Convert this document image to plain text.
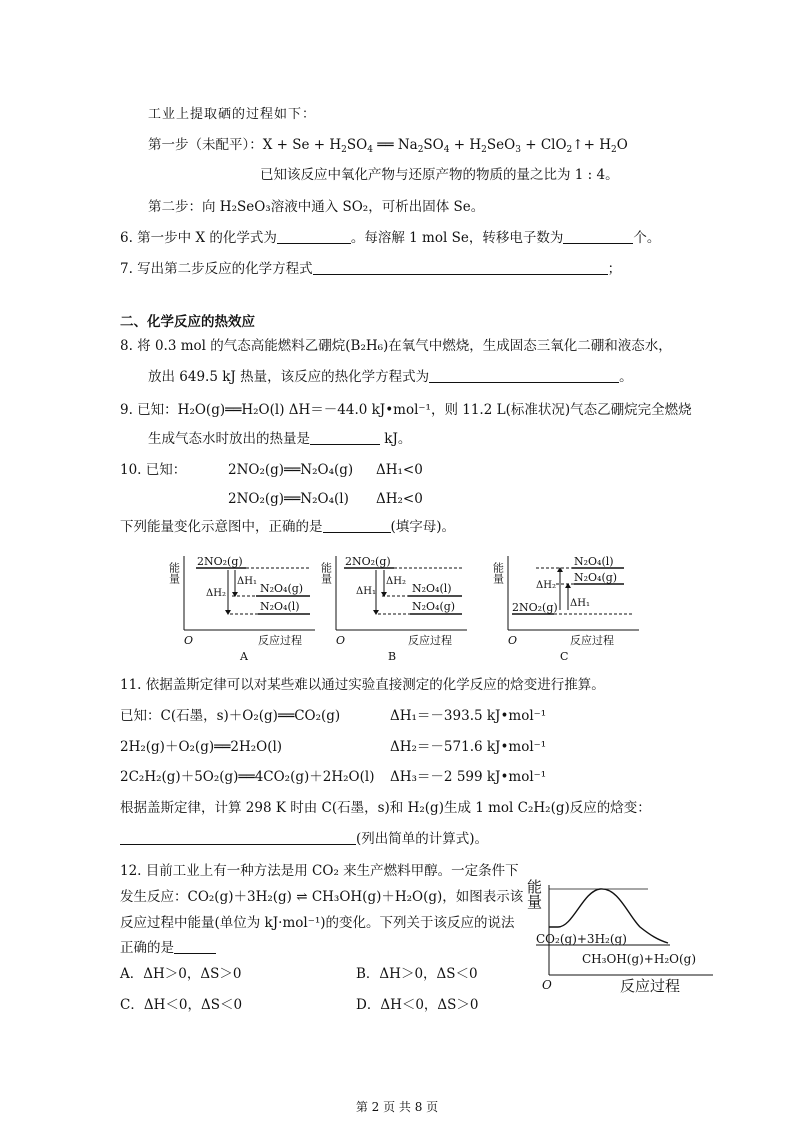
工业上提取硒的过程如下：
第一步（未配平）：$X + Se + H_2SO_4$ ══ $Na_2SO_4 + H_2SeO_3$ + ClO$_2$↑+ $H_2O$
已知该反应中氧化产物与还原产物的物质的量之比为 1 : 4。
第二步：向 H₂SeO₃溶液中通入 SO₂，可析出固体 Se。
6. 第一步中 X 的化学式为	。每溶解 1 mol Se，转移电子数为	个。
7. 写出第二步反应的化学方程式	；
二、化学反应的热效应
8. 将 0.3 mol 的气态高能燃料乙硼烷(B₂H₆)在氧气中燃烧，生成固态三氧化二硼和液态水，
放出 649.5 kJ 热量，该反应的热化学方程式为	。
9. 已知：H₂O(g)══H₂O(l) ΔH＝－44.0 kJ•mol⁻¹，则 11.2 L(标准状况)气态乙硼烷完全燃烧
生成气态水时放出的热量是	kJ。
10. 已知：	2NO₂(g)══N₂O₄(g) ΔH₁<0
2NO₂(g)══N₂O₄(l) ΔH₂<0
下列能量变化示意图中，正确的是	(填字母)。
能量
2NO₂(g)
N₂O₄(g)
N₂O₄(l)
ΔH₂
ΔH₁
O	反应过程
A
能量
2NO₂(g)
N₂O₄(l)
N₂O₄(g)
ΔH₁
ΔH₂
O	反应过程
B
能量
N₂O₄(l)
N₂O₄(g)
2NO₂(g)
ΔH₂
ΔH₁
O	反应过程
C
11. 依据盖斯定律可以对某些难以通过实验直接测定的化学反应的焓变进行推算。
已知：C(石墨，s)＋O₂(g)══CO₂(g)	ΔH₁＝－393.5 kJ•mol⁻¹
2H₂(g)＋O₂(g)══2H₂O(l)	ΔH₂＝－571.6 kJ•mol⁻¹
2C₂H₂(g)＋5O₂(g)══4CO₂(g)＋2H₂O(l) ΔH₃＝－2 599 kJ•mol⁻¹
根据盖斯定律，计算 298 K 时由 C(石墨，s)和 H₂(g)生成 1 mol C₂H₂(g)反应的焓变：
(列出简单的计算式)。
12. 目前工业上有一种方法是用 CO₂ 来生产燃料甲醇。一定条件下
发生反应：CO₂(g)＋3H₂(g) ⇌ CH₃OH(g)＋H₂O(g)，如图表示该
反应过程中能量(单位为 kJ·mol⁻¹)的变化。下列关于该反应的说法
正确的是
A．ΔH＞0，ΔS＞0	B．ΔH＞0，ΔS＜0
C．ΔH＜0，ΔS＜0	D．ΔH＜0，ΔS＞0
能量
CO₂(g)+3H₂(g)
CH₃OH(g)+H₂O(g)
O	反应过程
第 2 页 共 8 页
